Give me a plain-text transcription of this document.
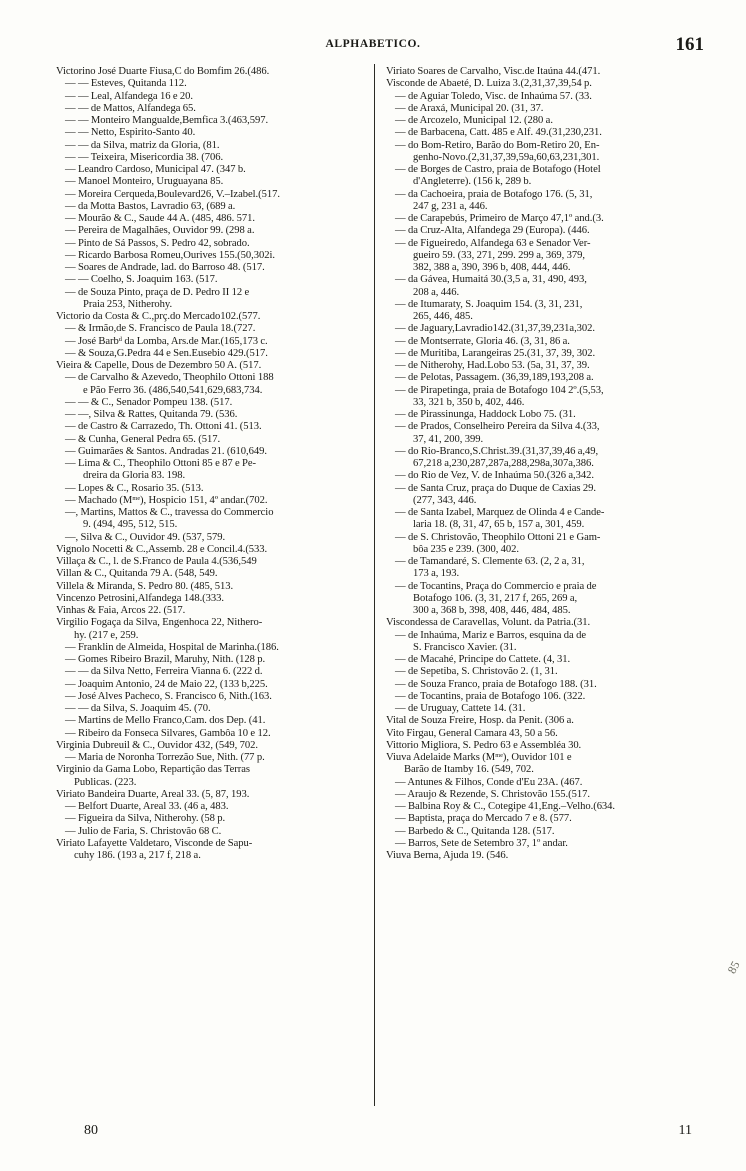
ALPHABETICO.	161

Victorino José Duarte Fiusa,C do Bomfim 26.(486.

— — Esteves, Quitanda 112.

— — Leal, Alfandega 16 e 20.

— — de Mattos, Alfandega 65.

— — Monteiro Mangualde,Bemfica 3.(463,597.

— — Netto, Espirito-Santo 40.

— — da Silva, matriz da Gloria, (81.

— — Teixeira, Misericordia 38. (706.

— Leandro Cardoso, Municipal 47. (347 b.

— Manoel Monteiro, Uruguayana 85.

— Moreira Cerqueda,Boulevard26, V.–Izabel.(517.

— da Motta Bastos, Lavradio 63, (689 a.

— Mourão & C., Saude 44 A. (485, 486. 571.

— Pereira de Magalhães, Ouvidor 99. (298 a.

— Pinto de Sá Passos, S. Pedro 42, sobrado.

— Ricardo Barbosa Romeu,Ourives 155.(50,302i.

— Soares de Andrade, lad. do Barroso 48. (517.

— — Coelho, S. Joaquim 163. (517.

— de Souza Pinto, praça de D. Pedro II 12 e

Praia 253, Nitherohy.

Victorio da Costa & C.,prç.do Mercado102.(577.

— & Irmão,de S. Francisco de Paula 18.(727.

— José Barbᵈ da Lomba, Ars.de Mar.(165,173 c.

— & Souza,G.Pedra 44 e Sen.Eusebio 429.(517.

Vieira & Capelle, Dous de Dezembro 50 A. (517.

— de Carvalho & Azevedo, Theophilo Ottoni 188

e Pão Ferro 36. (486,540,541,629,683,734.

— — & C., Senador Pompeu 138. (517.

— —, Silva & Rattes, Quitanda 79. (536.

— de Castro & Carrazedo, Th. Ottoni 41. (513.

— & Cunha, General Pedra 65. (517.

— Guimarães & Santos. Andradas 21. (610,649.

— Lima & C., Theophilo Ottoni 85 e 87 e Pe-

dreira da Gloria 83. 198.

— Lopes & C., Rosario 35. (513.

— Machado (Mᵐᵉ), Hospicio 151, 4º andar.(702.

—, Martins, Mattos & C., travessa do Commercio

9. (494, 495, 512, 515.

—, Silva & C., Ouvidor 49. (537, 579.

Vignolo Nocetti & C.,Assemb. 28 e Concil.4.(533.

Villaça & C., l. de S.Franco de Paula 4.(536,549

Villan & C., Quitanda 79 A. (548, 549.

Villela & Miranda, S. Pedro 80. (485, 513.

Vincenzo Petrosini,Alfandega 148.(333.

Vinhas & Faia, Arcos 22. (517.

Virgilio Fogaça da Silva, Engenhoca 22, Nithero-

hy. (217 e, 259.

— Franklin de Almeida, Hospital de Marinha.(186.

— Gomes Ribeiro Brazil, Maruhy, Nith. (128 p.

— — da Silva Netto, Ferreira Vianna 6. (222 d.

— Joaquim Antonio, 24 de Maio 22, (133 b,225.

— José Alves Pacheco, S. Francisco 6, Nith.(163.

— — da Silva, S. Joaquim 45. (70.

— Martins de Mello Franco,Cam. dos Dep. (41.

— Ribeiro da Fonseca Silvares, Gambôa 10 e 12.

Virginia Dubreuil & C., Ouvidor 432, (549, 702.

— Maria de Noronha Torrezão Sue, Nith. (77 p.

Virginio da Gama Lobo, Repartição das Terras

Publicas. (223.

Viriato Bandeira Duarte, Areal 33. (5, 87, 193.

— Belfort Duarte, Areal 33. (46 a, 483.

— Figueira da Silva, Nitherohy. (58 p.

— Julio de Faria, S. Christovão 68 C.

Viriato Lafayette Valdetaro, Visconde de Sapu-

cuhy 186. (193 a, 217 f, 218 a.

Viriato Soares de Carvalho, Visc.de Itaúna 44.(471.

Visconde de Abaeté, D. Luiza 3.(2,31,37,39,54 p.

— de Aguiar Toledo, Visc. de Inhaúma 57. (33.

— de Araxá, Municipal 20. (31, 37.

— de Arcozelo, Municipal 12. (280 a.

— de Barbacena, Catt. 485 e Alf. 49.(31,230,231.

— do Bom-Retiro, Barão do Bom-Retiro 20, En-

genho-Novo.(2,31,37,39,59a,60,63,231,301.

— de Borges de Castro, praia de Botafogo (Hotel

d'Angleterre). (156 k, 289 b.

— da Cachoeira, praia de Botafogo 176. (5, 31,

247 g, 231 a, 446.

— de Carapebús, Primeiro de Março 47,1º and.(3.

— da Cruz-Alta, Alfandega 29 (Europa). (446.

— de Figueiredo, Alfandega 63 e Senador Ver-

gueiro 59. (33, 271, 299. 299 a, 369, 379,

382, 388 a, 390, 396 b, 408, 444, 446.

— da Gávea, Humaitá 30.(3,5 a, 31, 490, 493,

208 a, 446.

— de Itumaraty, S. Joaquim 154. (3, 31, 231,

265, 446, 485.

— de Jaguary,Lavradio142.(31,37,39,231a,302.

— de Montserrate, Gloria 46. (3, 31, 86 a.

— de Muritiba, Larangeiras 25.(31, 37, 39, 302.

— de Nitherohy, Had.Lobo 53. (5a, 31, 37, 39.

— de Pelotas, Passagem. (36,39,189,193,208 a.

— de Pirapetinga, praia de Botafogo 104 2º.(5,53,

33, 321 b, 350 b, 402, 446.

— de Pirassinunga, Haddock Lobo 75. (31.

— de Prados, Conselheiro Pereira da Silva 4.(33,

37, 41, 200, 399.

— do Rio-Branco,S.Christ.39.(31,37,39,46 a,49,

67,218 a,230,287,287a,288,298a,307a,386.

— do Rio de Vez, V. de Inhaúma 50.(326 a,342.

— de Santa Cruz, praça do Duque de Caxias 29.

(277, 343, 446.

— de Santa Izabel, Marquez de Olinda 4 e Cande-

laria 18. (8, 31, 47, 65 b, 157 a, 301, 459.

— de S. Christovão, Theophilo Ottoni 21 e Gam-

bôa 235 e 239. (300, 402.

— de Tamandaré, S. Clemente 63. (2, 2 a, 31,

173 a, 193.

— de Tocantins, Praça do Commercio e praia de

Botafogo 106. (3, 31, 217 f, 265, 269 a,

300 a, 368 b, 398, 408, 446, 484, 485.

Viscondessa de Caravellas, Volunt. da Patria.(31.

— de Inhaúma, Mariz e Barros, esquina da de

S. Francisco Xavier. (31.

— de Macahé, Principe do Cattete. (4, 31.

— de Sepetiba, S. Christovão 2. (1, 31.

— de Souza Franco, praia de Botafogo 188. (31.

— de Tocantins, praia de Botafogo 106. (322.

— de Uruguay, Cattete 14. (31.

Vital de Souza Freire, Hosp. da Penit. (306 a.

Vito Firgau, General Camara 43, 50 a 56.

Vittorio Migliora, S. Pedro 63 e Assembléa 30.

Viuva Adelaide Marks (Mᵐᵉ), Ouvidor 101 e

Barão de Itamby 16. (549, 702.

— Antunes & Filhos, Conde d'Eu 23A. (467.

— Araujo & Rezende, S. Christovão 155.(517.

— Balbina Roy & C., Cotegipe 41,Eng.–Velho.(634.

— Baptista, praça do Mercado 7 e 8. (577.

— Barbedo & C., Quitanda 128. (517.

— Barros, Sete de Setembro 37, 1º andar.

Viuva Berna, Ajuda 19. (546.

85
80	11
